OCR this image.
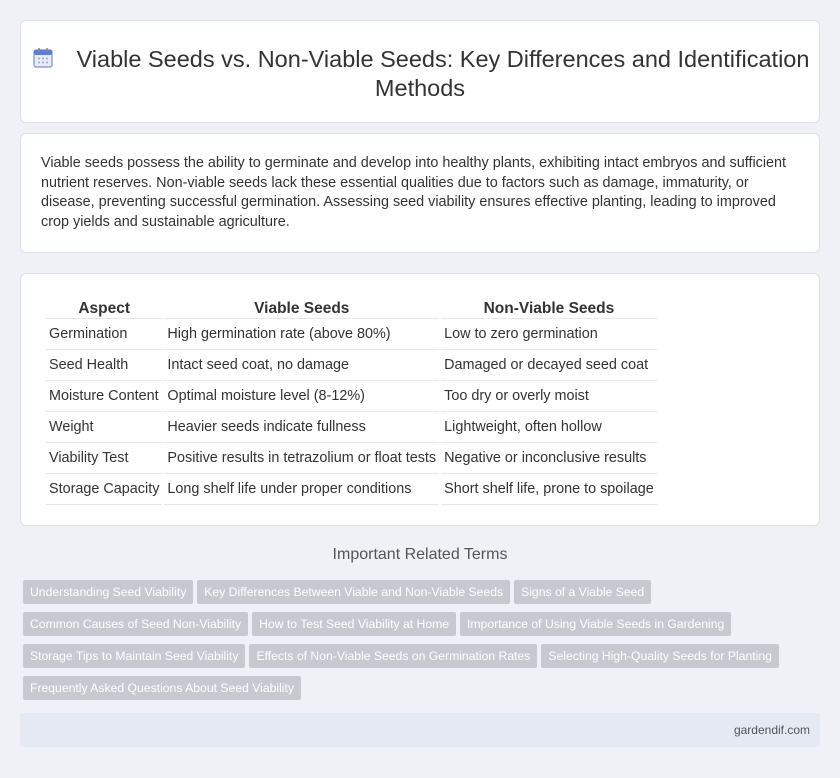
Viable Seeds vs. Non-Viable Seeds: Key Differences and Identification Methods

Viable seeds possess the ability to germinate and develop into healthy plants, exhibiting intact embryos and sufficient nutrient reserves. Non-viable seeds lack these essential qualities due to factors such as damage, immaturity, or disease, preventing successful germination. Assessing seed viability ensures effective planting, leading to improved crop yields and sustainable agriculture.

Aspect	Viable Seeds	Non-Viable Seeds
Germination	High germination rate (above 80%)	Low to zero germination
Seed Health	Intact seed coat, no damage	Damaged or decayed seed coat
Moisture Content	Optimal moisture level (8-12%)	Too dry or overly moist
Weight	Heavier seeds indicate fullness	Lightweight, often hollow
Viability Test	Positive results in tetrazolium or float tests	Negative or inconclusive results
Storage Capacity	Long shelf life under proper conditions	Short shelf life, prone to spoilage
Important Related Terms
Understanding Seed Viability Key Differences Between Viable and Non-Viable Seeds Signs of a Viable Seed
Common Causes of Seed Non-Viability How to Test Seed Viability at Home Importance of Using Viable Seeds in Gardening
Storage Tips to Maintain Seed Viability Effects of Non-Viable Seeds on Germination Rates Selecting High-Quality Seeds for Planting
Frequently Asked Questions About Seed Viability
gardendif.com
